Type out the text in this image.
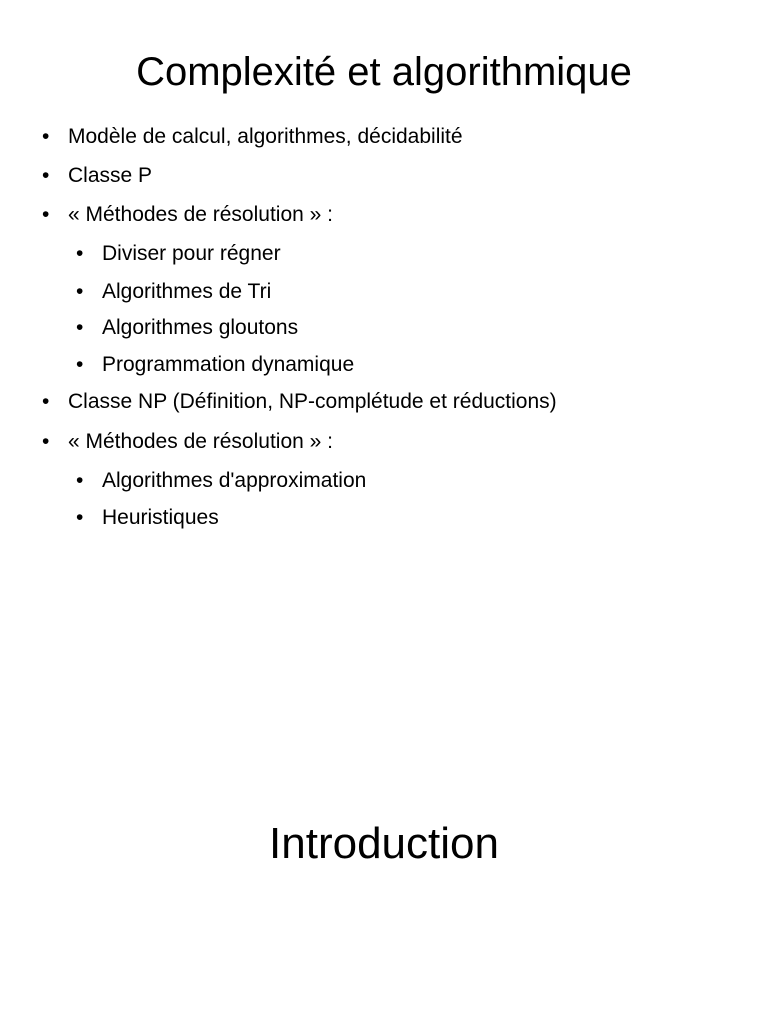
Complexité et algorithmique
• Modèle de calcul, algorithmes, décidabilité
• Classe P
• « Méthodes de résolution » :
• Diviser pour régner
• Algorithmes de Tri
• Algorithmes gloutons
• Programmation dynamique
• Classe NP (Définition, NP-complétude et réductions)
• « Méthodes de résolution » :
• Algorithmes d'approximation
• Heuristiques
Introduction
